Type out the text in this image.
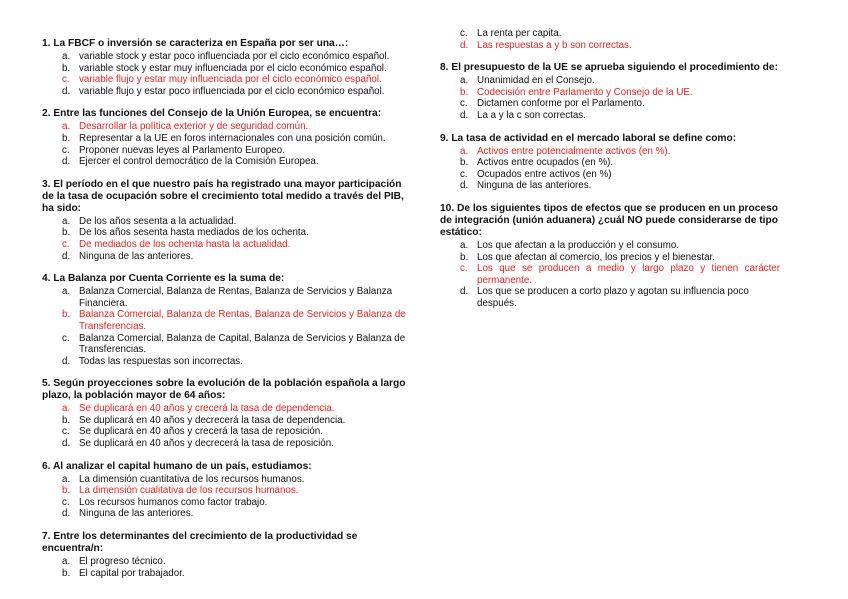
1. La FBCF o inversión se caracteriza en España por ser una…:
a. variable stock y estar poco influenciada por el ciclo económico español.
b. variable stock y estar muy influenciada por el ciclo económico español.
c. variable flujo y estar muy influenciada por el ciclo económico español.
d. variable flujo y estar poco influenciada por el ciclo económico español.
2. Entre las funciones del Consejo de la Unión Europea, se encuentra:
a. Desarrollar la política exterior y de seguridad común.
b. Representar a la UE en foros internacionales con una posición común.
c. Proponer nuevas leyes al Parlamento Europeo.
d. Ejercer el control democrático de la Comisión Europea.
3. El período en el que nuestro país ha registrado una mayor participación de la tasa de ocupación sobre el crecimiento total medido a través del PIB, ha sido:
a. De los años sesenta a la actualidad.
b. De los años sesenta hasta mediados de los ochenta.
c. De mediados de los ochenta hasta la actualidad.
d. Ninguna de las anteriores.
4. La Balanza por Cuenta Corriente es la suma de:
a. Balanza Comercial, Balanza de Rentas, Balanza de Servicios y Balanza Financiera.
b. Balanza Comercial, Balanza de Rentas, Balanza de Servicios y Balanza de Transferencias.
c. Balanza Comercial, Balanza de Capital, Balanza de Servicios y Balanza de Transferencias.
d. Todas las respuestas son incorrectas.
5. Según proyecciones sobre la evolución de la población española a largo plazo, la población mayor de 64 años:
a. Se duplicará en 40 años y crecerá la tasa de dependencia.
b. Se duplicará en 40 años y decrecerá la tasa de dependencia.
c. Se duplicará en 40 años y crecerá la tasa de reposición.
d. Se duplicará en 40 años y decrecerá la tasa de reposición.
6. Al analizar el capital humano de un país, estudiamos:
a. La dimensión cuantitativa de los recursos humanos.
b. La dimensión cualitativa de los recursos humanos.
c. Los recursos humanos como factor trabajo.
d. Ninguna de las anteriores.
7. Entre los determinantes del crecimiento de la productividad se encuentra/n:
a. El progreso técnico.
b. El capital por trabajador.
c. La renta per capita.
d. Las respuestas a y b son correctas.
8. El presupuesto de la UE se aprueba siguiendo el procedimiento de:
a. Unanimidad en el Consejo.
b. Codecisión entre Parlamento y Consejo de la UE.
c. Dictamen conforme por el Parlamento.
d. La a y la c son correctas.
9. La tasa de actividad en el mercado laboral se define como:
a. Activos entre potencialmente activos (en %).
b. Activos entre ocupados (en %).
c. Ocupados entre activos (en %)
d. Ninguna de las anteriores.
10. De los siguientes tipos de efectos que se producen en un proceso de integración (unión aduanera) ¿cuál NO puede considerarse de tipo estático:
a. Los que afectan a la producción y el consumo.
b. Los que afectan al comercio, los precios y el bienestar.
c. Los que se producen a medio y largo plazo y tienen carácter permanente.
d. Los que se producen a corto plazo y agotan su influencia poco después.
